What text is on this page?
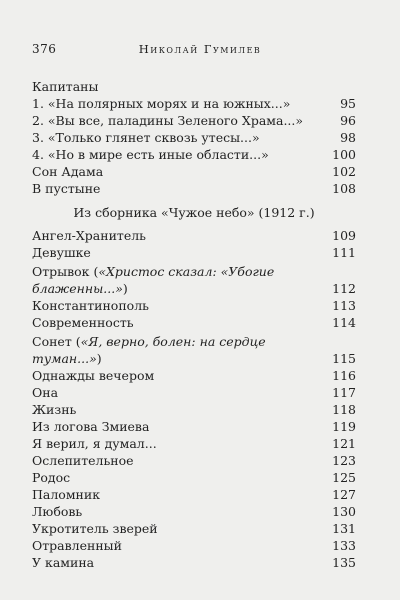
376	Николай Гумилев
Капитаны
1. «На полярных морях и на южных...»	95
2. «Вы все, паладины Зеленого Храма...»	96
3. «Только глянет сквозь утесы...»	98
4. «Но в мире есть иные области...»	100
Сон Адама	102
В пустыне	108
Из сборника «Чужое небо» (1912 г.)
Ангел-Хранитель	109
Девушке	111
Отрывок («Христос сказал: «Убогие блаженны...»)	112
Константинополь	113
Современность	114
Сонет («Я, верно, болен: на сердце туман...»)	115
Однажды вечером	116
Она	117
Жизнь	118
Из логова Змиева	119
Я верил, я думал...	121
Ослепительное	123
Родос	125
Паломник	127
Любовь	130
Укротитель зверей	131
Отравленный	133
У камина	135
